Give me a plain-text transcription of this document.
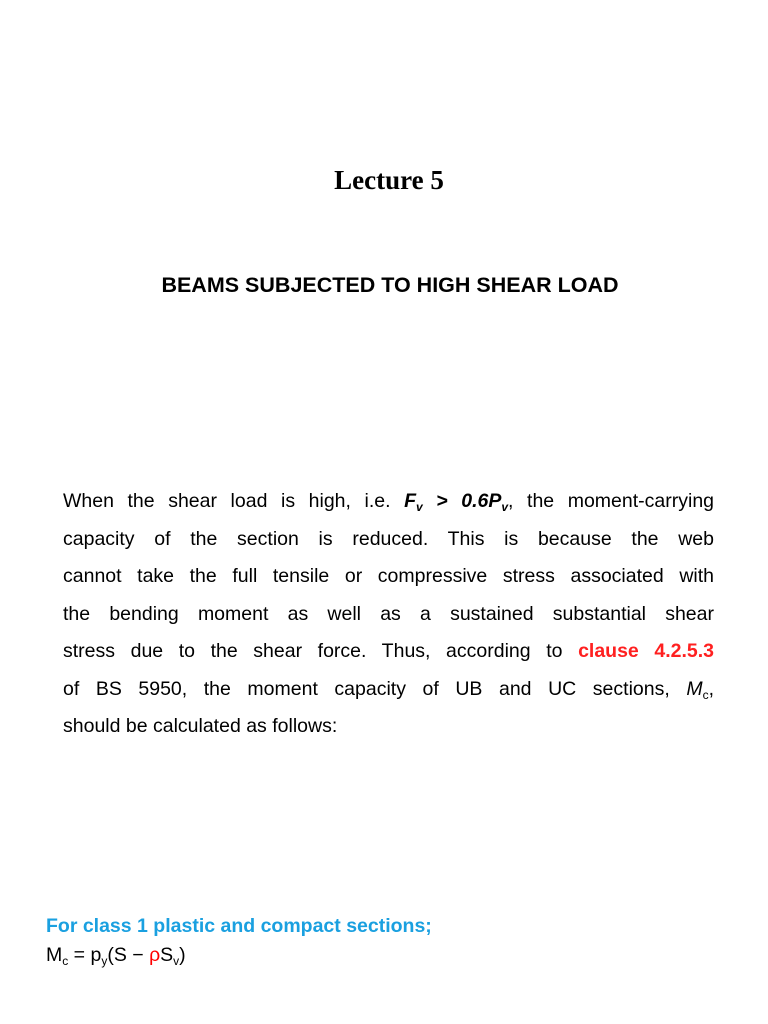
Lecture 5
BEAMS SUBJECTED TO HIGH SHEAR LOAD
When the shear load is high, i.e. $F_v > 0.6P_v$, the moment-carrying
capacity of the section is reduced. This is because the web
cannot take the full tensile or compressive stress associated with
the bending moment as well as a sustained substantial shear
stress due to the shear force. Thus, according to clause 4.2.5.3
of BS 5950, the moment capacity of UB and UC sections, $M_c$,
should be calculated as follows:
For class 1 plastic and compact sections;
$M_c = p_y(S - \rho S_v)$
